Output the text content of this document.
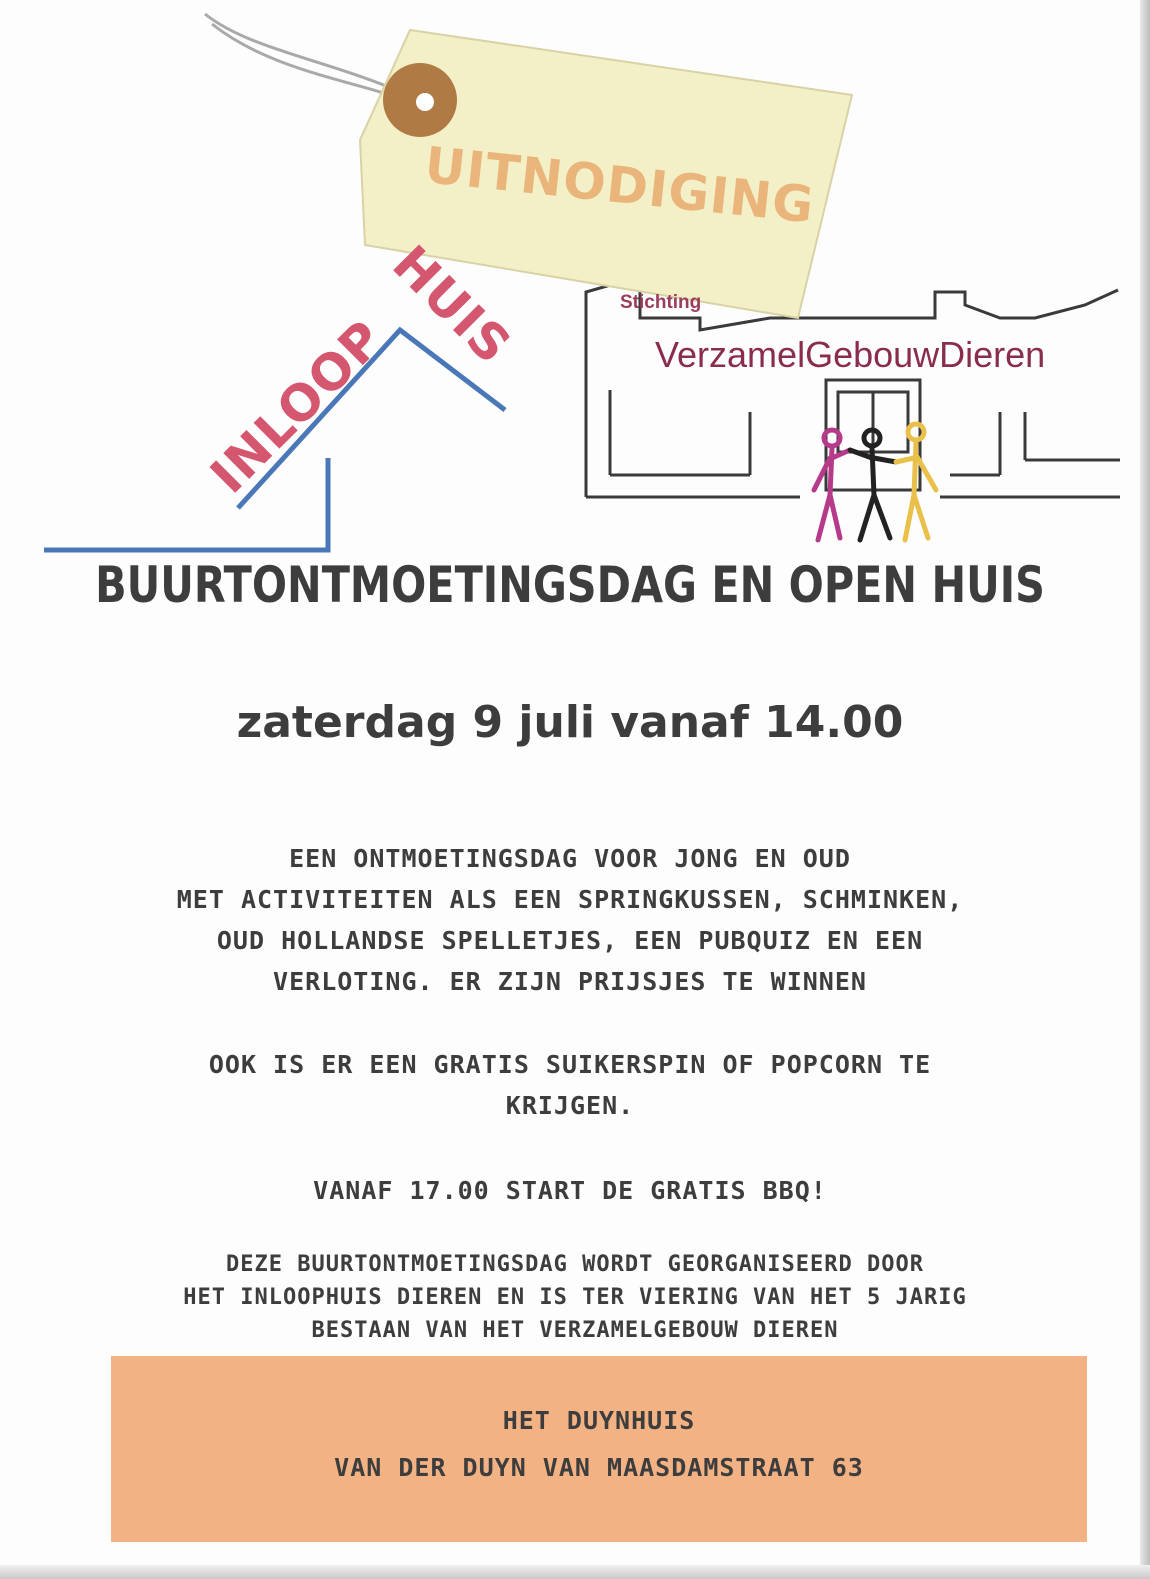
UITNODIGING
INLOOP
HUIS	Stichting
VerzamelGebouwDieren
BUURTONTMOETINGSDAG EN OPEN HUIS
zaterdag 9 juli vanaf 14.00
EEN ONTMOETINGSDAG VOOR JONG EN OUD
MET ACTIVITEITEN ALS EEN SPRINGKUSSEN, SCHMINKEN,
OUD HOLLANDSE SPELLETJES, EEN PUBQUIZ EN EEN
VERLOTING. ER ZIJN PRIJSJES TE WINNEN
OOK IS ER EEN GRATIS SUIKERSPIN OF POPCORN TE
KRIJGEN.
VANAF 17.00 START DE GRATIS BBQ!
DEZE BUURTONTMOETINGSDAG WORDT GEORGANISEERD DOOR
HET INLOOPHUIS DIEREN EN IS TER VIERING VAN HET 5 JARIG
BESTAAN VAN HET VERZAMELGEBOUW DIEREN
HET DUYNHUIS
VAN DER DUYN VAN MAASDAMSTRAAT 63
